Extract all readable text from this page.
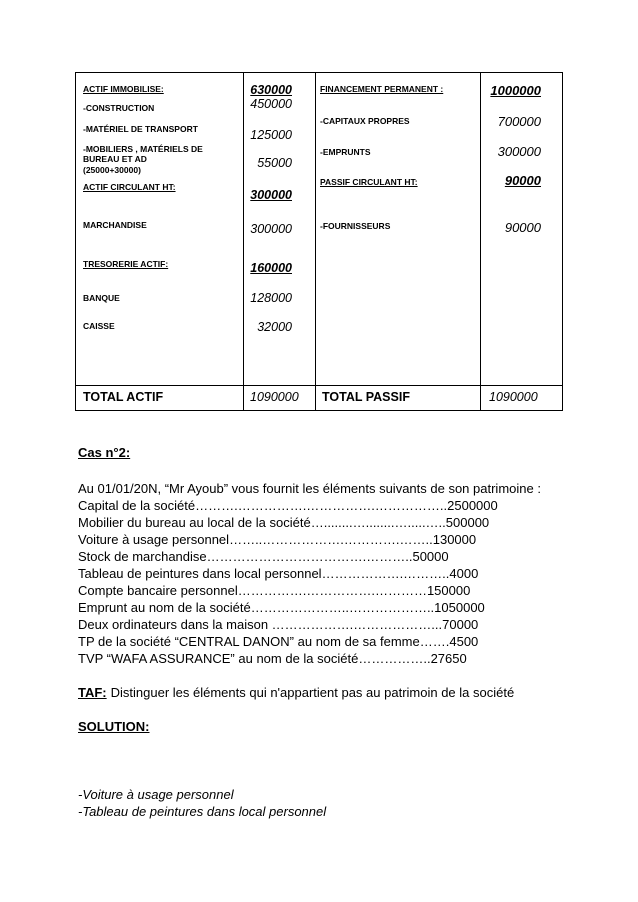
ACTIF IMMOBILISE:
-CONSTRUCTION
-MATÉRIEL DE TRANSPORT
-MOBILIERS , MATÉRIELS DE BUREAU ET AD
(25000+30000)
ACTIF CIRCULANT HT:
MARCHANDISE
TRESORERIE ACTIF:
BANQUE
CAISSE
630000
450000
125000
55000
300000
300000
160000
128000
32000
FINANCEMENT PERMANENT :
-CAPITAUX PROPRES
-EMPRUNTS
PASSIF CIRCULANT HT:
-FOURNISSEURS
1000000
700000
300000
90000
90000
TOTAL ACTIF	1090000 TOTAL PASSIF	1090000
Cas n°2:
Au 01/01/20N, “Mr Ayoub” vous fournit les éléments suivants de son patrimoine :
Capital de la société……….…………….…………….……………..2500000
Mobilier du bureau au local de la société…........…........….....…..500000
Voiture à usage personnel……..……………….………….……..130000
Stock de marchandise……………………………….………..50000
Tableau de peintures dans local personnel……………….………..4000
Compte bancaire personnel…………….…………….…………150000
Emprunt au nom de la société…………………..………………..1050000
Deux ordinateurs dans la maison ……………….………………...70000
TP de la société “CENTRAL DANON” au nom de sa femme…….4500
TVP “WAFA ASSURANCE” au nom de la société……………..27650
TAF: Distinguer les éléments qui n'appartient pas au patrimoin de la société
SOLUTION:
-Voiture à usage personnel
-Tableau de peintures dans local personnel
